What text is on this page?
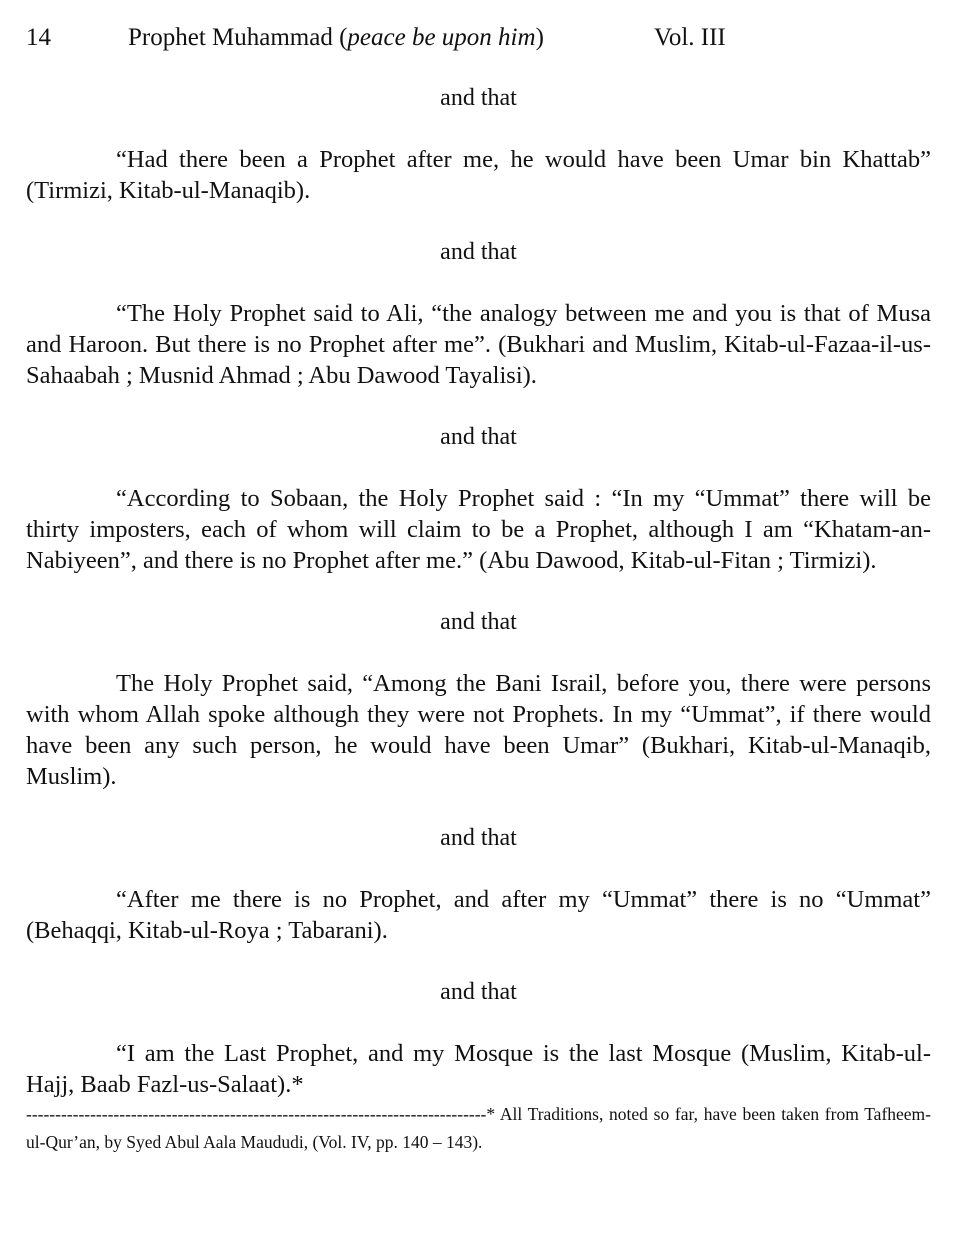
14	Prophet Muhammad (peace be upon him)	Vol. III

and that

“Had there been a Prophet after me, he would have been Umar bin Khattab” (Tirmizi, Kitab-ul-Manaqib).

and that

“The Holy Prophet said to Ali, “the analogy between me and you is that of Musa and Haroon. But there is no Prophet after me”. (Bukhari and Muslim, Kitab-ul-Fazaa-il-us-Sahaabah ; Musnid Ahmad ; Abu Dawood Tayalisi).

and that

“According to Sobaan, the Holy Prophet said : “In my “Ummat” there will be thirty imposters, each of whom will claim to be a Prophet, although I am “Khatam-an-Nabiyeen”, and there is no Prophet after me.” (Abu Dawood, Kitab-ul-Fitan ; Tirmizi).

and that

The Holy Prophet said, “Among the Bani Israil, before you, there were persons with whom Allah spoke although they were not Prophets. In my “Ummat”, if there would have been any such person, he would have been Umar” (Bukhari, Kitab-ul-Manaqib, Muslim).

and that

“After me there is no Prophet, and after my “Ummat” there is no “Ummat” (Behaqqi, Kitab-ul-Roya ; Tabarani).

and that

“I am the Last Prophet, and my Mosque is the last Mosque (Muslim, Kitab-ul-Hajj, Baab Fazl-us-Salaat).*

-------------------------------------------------------------------------------* All Traditions, noted so far, have been taken from Tafheem-ul-Qur’an, by Syed Abul Aala Maududi, (Vol. IV, pp. 140 – 143).
